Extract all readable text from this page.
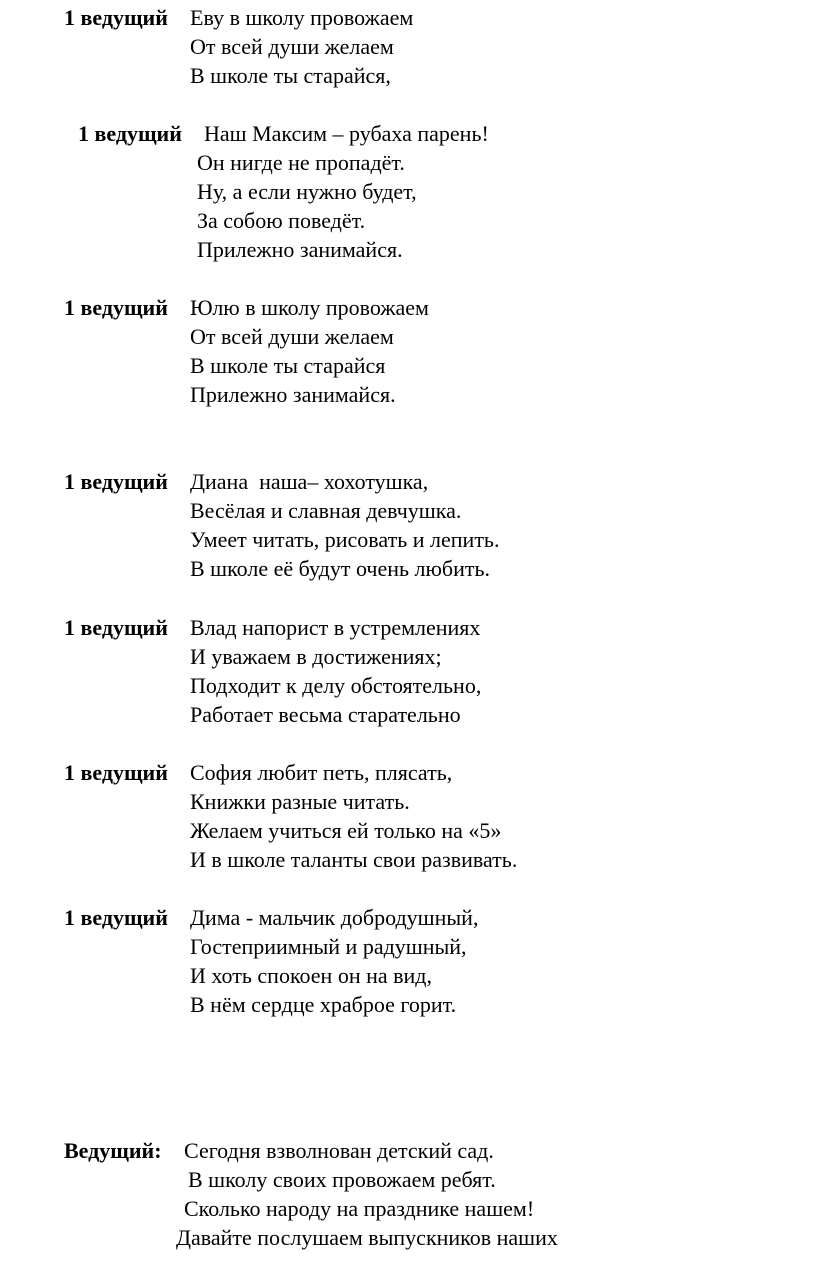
1 ведущий Еву в школу провожаем
От всей души желаем
В школе ты старайся,
1 ведущий Наш Максим – рубаха парень!
Он нигде не пропадёт.
Ну, а если нужно будет,
За собою поведёт.
Прилежно занимайся.
1 ведущий Юлю в школу провожаем
От всей души желаем
В школе ты старайся
Прилежно занимайся.
1 ведущий Диана  наша– хохотушка,
Весёлая и славная девчушка.
Умеет читать, рисовать и лепить.
В школе её будут очень любить.
1 ведущий Влад напорист в устремлениях
И уважаем в достижениях;
Подходит к делу обстоятельно,
Работает весьма старательно
1 ведущий София любит петь, плясать,
Книжки разные читать.
Желаем учиться ей только на «5»
И в школе таланты свои развивать.
1 ведущий Дима - мальчик добродушный,
Гостеприимный и радушный,
И хоть спокоен он на вид,
В нём сердце храброе горит.
Ведущий: Сегодня взволнован детский сад.
В школу своих провожаем ребят.
Сколько народу на празднике нашем!
Давайте послушаем выпускников наших
